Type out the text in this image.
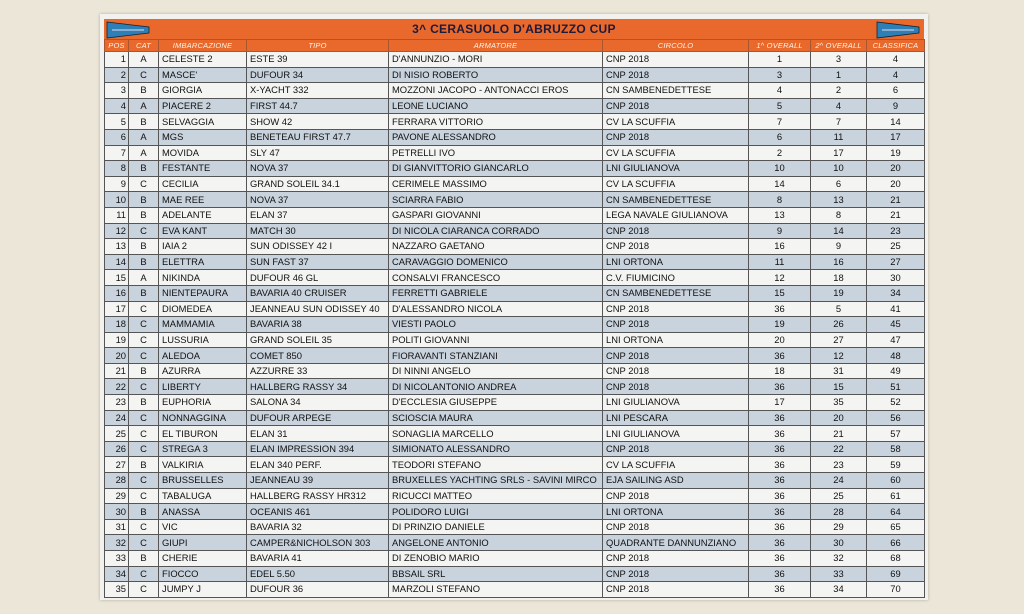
3^ CERASUOLO D'ABRUZZO CUP
POS	CAT	IMBARCAZIONE	TIPO	ARMATORE	CIRCOLO	1^ OVERALL	2^ OVERALL	CLASSIFICA
1	A	CELESTE 2	ESTE 39	D'ANNUNZIO - MORI	CNP 2018	1	3	4
2	C	MASCE'	DUFOUR 34	DI NISIO ROBERTO	CNP 2018	3	1	4
3	B	GIORGIA	X-YACHT 332	MOZZONI JACOPO - ANTONACCI EROS	CN SAMBENEDETTESE	4	2	6
4	A	PIACERE 2	FIRST 44.7	LEONE LUCIANO	CNP 2018	5	4	9
5	B	SELVAGGIA	SHOW 42	FERRARA VITTORIO	CV LA SCUFFIA	7	7	14
6	A	MGS	BENETEAU FIRST 47.7	PAVONE ALESSANDRO	CNP 2018	6	11	17
7	A	MOVIDA	SLY 47	PETRELLI IVO	CV LA SCUFFIA	2	17	19
8	B	FESTANTE	NOVA 37	DI GIANVITTORIO GIANCARLO	LNI GIULIANOVA	10	10	20
9	C	CECILIA	GRAND SOLEIL 34.1	CERIMELE MASSIMO	CV LA SCUFFIA	14	6	20
10	B	MAE REE	NOVA 37	SCIARRA FABIO	CN SAMBENEDETTESE	8	13	21
11	B	ADELANTE	ELAN 37	GASPARI GIOVANNI	LEGA NAVALE GIULIANOVA	13	8	21
12	C	EVA KANT	MATCH 30	DI NICOLA CIARANCA CORRADO	CNP 2018	9	14	23
13	B	IAIA 2	SUN ODISSEY 42 I	NAZZARO GAETANO	CNP 2018	16	9	25
14	B	ELETTRA	SUN FAST 37	CARAVAGGIO DOMENICO	LNI ORTONA	11	16	27
15	A	NIKINDA	DUFOUR 46 GL	CONSALVI FRANCESCO	C.V. FIUMICINO	12	18	30
16	B	NIENTEPAURA	BAVARIA 40 CRUISER	FERRETTI GABRIELE	CN SAMBENEDETTESE	15	19	34
17	C	DIOMEDEA	JEANNEAU SUN ODISSEY 40	D'ALESSANDRO NICOLA	CNP 2018	36	5	41
18	C	MAMMAMIA	BAVARIA 38	VIESTI PAOLO	CNP 2018	19	26	45
19	C	LUSSURIA	GRAND SOLEIL 35	POLITI GIOVANNI	LNI ORTONA	20	27	47
20	C	ALEDOA	COMET 850	FIORAVANTI STANZIANI	CNP 2018	36	12	48
21	B	AZURRA	AZZURRE 33	DI NINNI ANGELO	CNP 2018	18	31	49
22	C	LIBERTY	HALLBERG RASSY 34	DI NICOLANTONIO ANDREA	CNP 2018	36	15	51
23	B	EUPHORIA	SALONA 34	D'ECCLESIA GIUSEPPE	LNI GIULIANOVA	17	35	52
24	C	NONNAGGINA	DUFOUR ARPEGE	SCIOSCIA MAURA	LNI PESCARA	36	20	56
25	C	EL TIBURON	ELAN 31	SONAGLIA MARCELLO	LNI GIULIANOVA	36	21	57
26	C	STREGA 3	ELAN IMPRESSION 394	SIMIONATO ALESSANDRO	CNP 2018	36	22	58
27	B	VALKIRIA	ELAN 340 PERF.	TEODORI STEFANO	CV LA SCUFFIA	36	23	59
28	C	BRUSSELLES	JEANNEAU 39	BRUXELLES YACHTING SRLS - SAVINI MIRCO	EJA SAILING ASD	36	24	60
29	C	TABALUGA	HALLBERG RASSY HR312	RICUCCI MATTEO	CNP 2018	36	25	61
30	B	ANASSA	OCEANIS 461	POLIDORO LUIGI	LNI ORTONA	36	28	64
31	C	VIC	BAVARIA 32	DI PRINZIO DANIELE	CNP 2018	36	29	65
32	C	GIUPI	CAMPER&NICHOLSON 303	ANGELONE ANTONIO	QUADRANTE DANNUNZIANO	36	30	66
33	B	CHERIE	BAVARIA 41	DI ZENOBIO MARIO	CNP 2018	36	32	68
34	C	FIOCCO	EDEL 5.50	BBSAIL SRL	CNP 2018	36	33	69
35	C	JUMPY J	DUFOUR 36	MARZOLI STEFANO	CNP 2018	36	34	70
